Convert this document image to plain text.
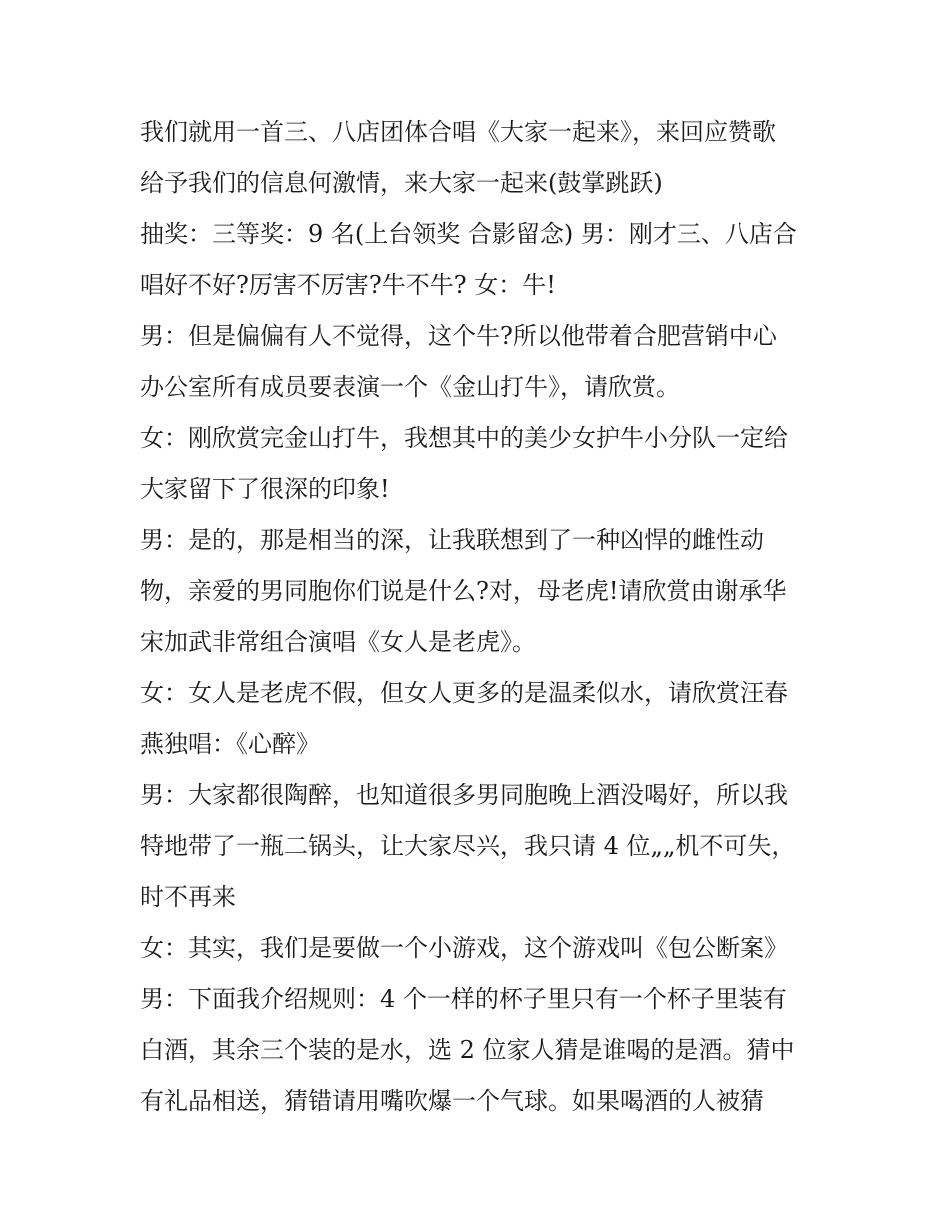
我们就用一首三、八店团体合唱《大家一起来》，来回应赞歌
给予我们的信息何激情，来大家一起来(鼓掌跳跃)
抽奖：三等奖：9 名(上台领奖 合影留念) 男：刚才三、八店合
唱好不好?厉害不厉害?牛不牛? 女：牛!
男：但是偏偏有人不觉得，这个牛?所以他带着合肥营销中心
办公室所有成员要表演一个《金山打牛》，请欣赏。
女：刚欣赏完金山打牛，我想其中的美少女护牛小分队一定给
大家留下了很深的印象!
男：是的，那是相当的深，让我联想到了一种凶悍的雌性动
物，亲爱的男同胞你们说是什么?对，母老虎!请欣赏由谢承华
宋加武非常组合演唱《女人是老虎》。
女：女人是老虎不假，但女人更多的是温柔似水，请欣赏汪春
燕独唱：《心醉》
男：大家都很陶醉，也知道很多男同胞晚上酒没喝好，所以我
特地带了一瓶二锅头，让大家尽兴，我只请 4 位„„机不可失，
时不再来
女：其实，我们是要做一个小游戏，这个游戏叫《包公断案》
男：下面我介绍规则：4 个一样的杯子里只有一个杯子里装有
白酒，其余三个装的是水，选 2 位家人猜是谁喝的是酒。猜中
有礼品相送，猜错请用嘴吹爆一个气球。如果喝酒的人被猜
